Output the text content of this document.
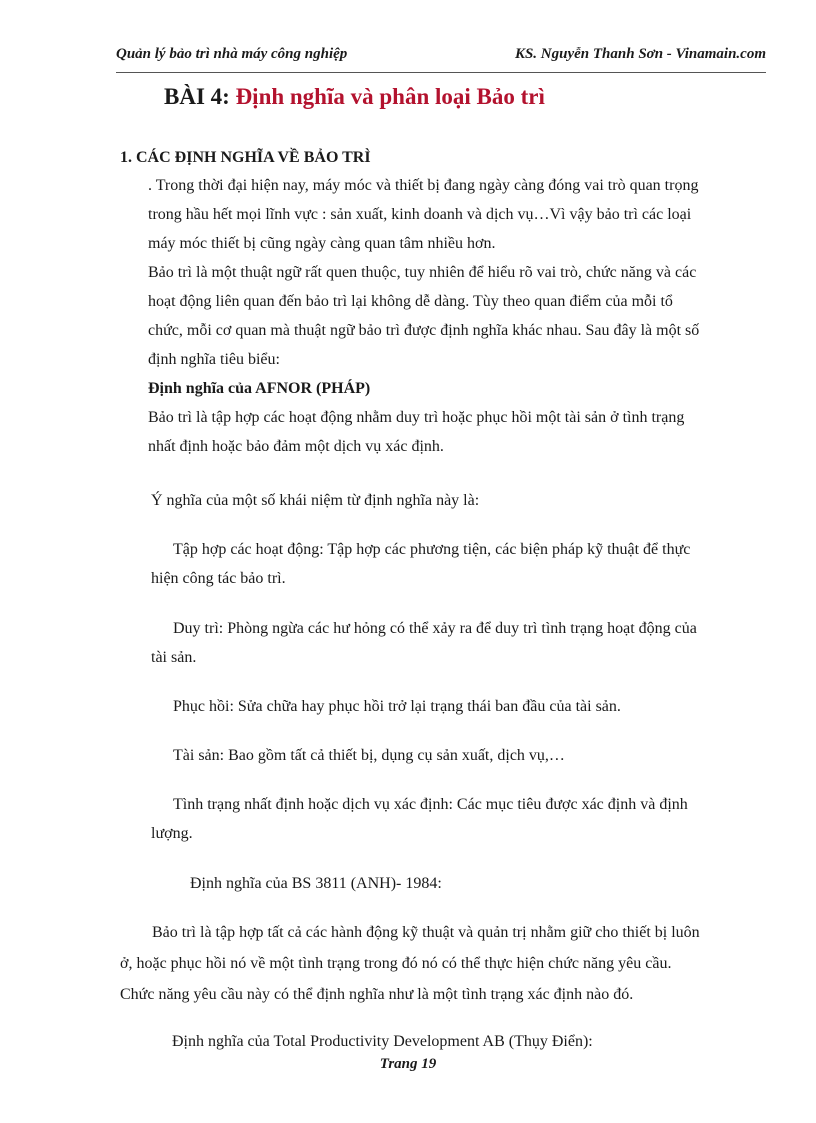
Quản lý bảo trì nhà máy công nghiệp	KS. Nguyễn Thanh Sơn - Vinamain.com
BÀI 4: Định nghĩa và phân loại Bảo trì
1. CÁC ĐỊNH NGHĨA VỀ BẢO TRÌ
. Trong thời đại hiện nay, máy móc và thiết bị đang ngày càng đóng vai trò quan trọng
trong hầu hết mọi lĩnh vực : sản xuất, kinh doanh và dịch vụ…Vì vậy bảo trì các loại
máy móc thiết bị cũng ngày càng quan tâm nhiều hơn.
Bảo trì là một thuật ngữ rất quen thuộc, tuy nhiên để hiểu rõ vai trò, chức năng và các
hoạt động liên quan đến bảo trì lại không dễ dàng. Tùy theo quan điểm của mỗi tổ
chức, mỗi cơ quan mà thuật ngữ bảo trì được định nghĩa khác nhau. Sau đây là một số
định nghĩa tiêu biểu:
Định nghĩa của AFNOR (PHÁP)
Bảo trì là tập hợp các hoạt động nhằm duy trì hoặc phục hồi một tài sản ở tình trạng
nhất định hoặc bảo đảm một dịch vụ xác định.
Ý nghĩa của một số khái niệm từ định nghĩa này là:
Tập hợp các hoạt động: Tập hợp các phương tiện, các biện pháp kỹ thuật để thực
hiện công tác bảo trì.
Duy trì: Phòng ngừa các hư hỏng có thể xảy ra để duy trì tình trạng hoạt động của
tài sản.
Phục hồi: Sửa chữa hay phục hồi trở lại trạng thái ban đầu của tài sản.
Tài sản: Bao gồm tất cả thiết bị, dụng cụ sản xuất, dịch vụ,…
Tình trạng nhất định hoặc dịch vụ xác định: Các mục tiêu được xác định và định
lượng.
Định nghĩa của BS 3811 (ANH)- 1984:
Bảo trì là tập hợp tất cả các hành động kỹ thuật và quản trị nhằm giữ cho thiết bị luôn
ở, hoặc phục hồi nó về một tình trạng trong đó nó có thể thực hiện chức năng yêu cầu.
Chức năng yêu cầu này có thể định nghĩa như là một tình trạng xác định nào đó.
Định nghĩa của Total Productivity Development AB (Thụy Điển):
Trang 19
